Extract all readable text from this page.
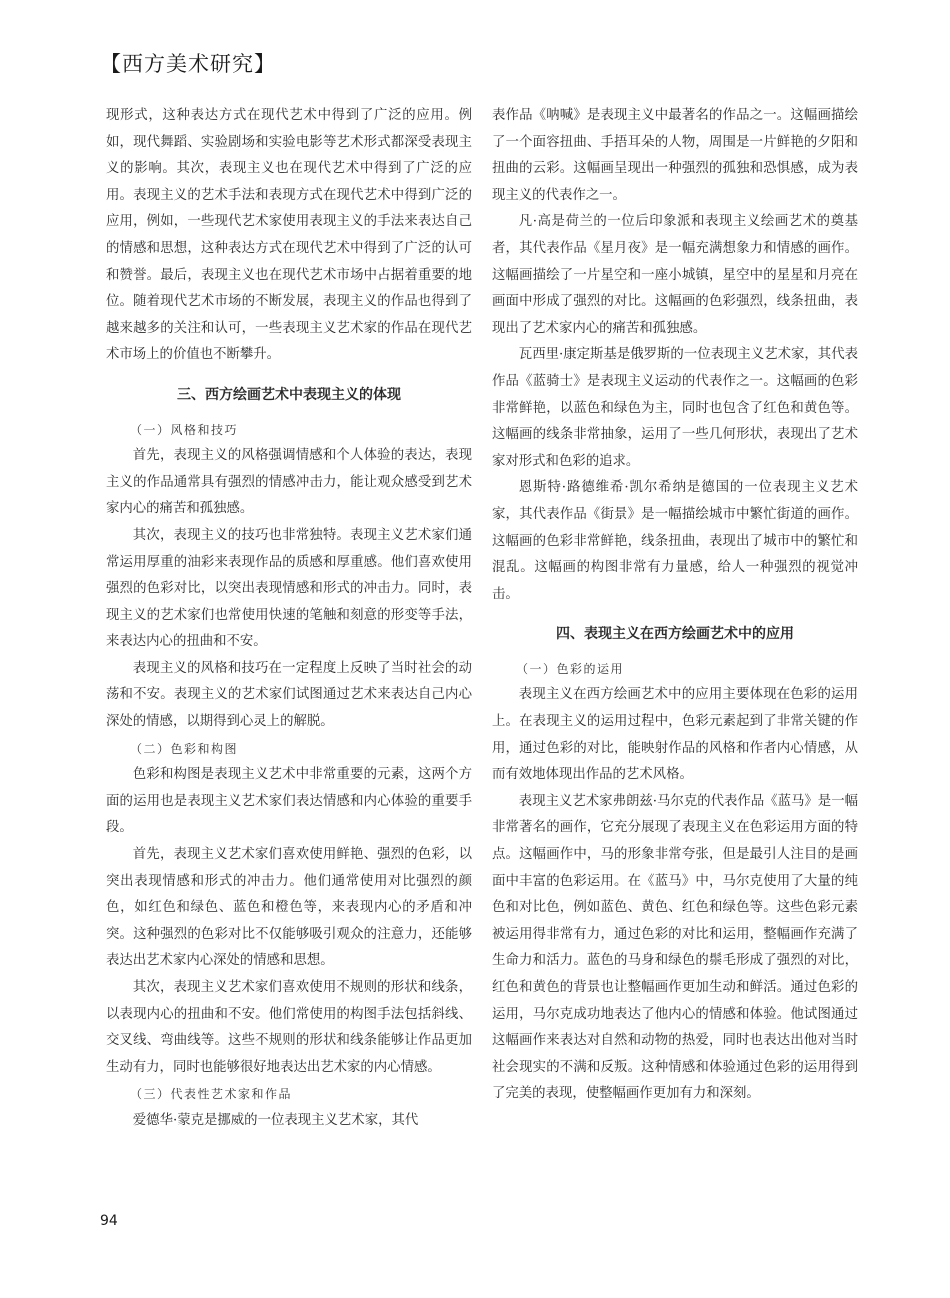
【西方美术研究】

现形式，这种表达方式在现代艺术中得到了广泛的应用。例如，现代舞蹈、实验剧场和实验电影等艺术形式都深受表现主义的影响。其次，表现主义也在现代艺术中得到了广泛的应用。表现主义的艺术手法和表现方式在现代艺术中得到广泛的应用，例如，一些现代艺术家使用表现主义的手法来表达自己的情感和思想，这种表达方式在现代艺术中得到了广泛的认可和赞誉。最后，表现主义也在现代艺术市场中占据着重要的地位。随着现代艺术市场的不断发展，表现主义的作品也得到了越来越多的关注和认可，一些表现主义艺术家的作品在现代艺术市场上的价值也不断攀升。

三、西方绘画艺术中表现主义的体现

（一）风格和技巧

首先，表现主义的风格强调情感和个人体验的表达，表现主义的作品通常具有强烈的情感冲击力，能让观众感受到艺术家内心的痛苦和孤独感。

其次，表现主义的技巧也非常独特。表现主义艺术家们通常运用厚重的油彩来表现作品的质感和厚重感。他们喜欢使用强烈的色彩对比，以突出表现情感和形式的冲击力。同时，表现主义的艺术家们也常使用快速的笔触和刻意的形变等手法，来表达内心的扭曲和不安。

表现主义的风格和技巧在一定程度上反映了当时社会的动荡和不安。表现主义的艺术家们试图通过艺术来表达自己内心深处的情感，以期得到心灵上的解脱。

（二）色彩和构图

色彩和构图是表现主义艺术中非常重要的元素，这两个方面的运用也是表现主义艺术家们表达情感和内心体验的重要手段。

首先，表现主义艺术家们喜欢使用鲜艳、强烈的色彩，以突出表现情感和形式的冲击力。他们通常使用对比强烈的颜色，如红色和绿色、蓝色和橙色等，来表现内心的矛盾和冲突。这种强烈的色彩对比不仅能够吸引观众的注意力，还能够表达出艺术家内心深处的情感和思想。

其次，表现主义艺术家们喜欢使用不规则的形状和线条，以表现内心的扭曲和不安。他们常使用的构图手法包括斜线、交叉线、弯曲线等。这些不规则的形状和线条能够让作品更加生动有力，同时也能够很好地表达出艺术家的内心情感。

（三）代表性艺术家和作品

爱德华·蒙克是挪威的一位表现主义艺术家，其代

表作品《呐喊》是表现主义中最著名的作品之一。这幅画描绘了一个面容扭曲、手捂耳朵的人物，周围是一片鲜艳的夕阳和扭曲的云彩。这幅画呈现出一种强烈的孤独和恐惧感，成为表现主义的代表作之一。

凡·高是荷兰的一位后印象派和表现主义绘画艺术的奠基者，其代表作品《星月夜》是一幅充满想象力和情感的画作。这幅画描绘了一片星空和一座小城镇，星空中的星星和月亮在画面中形成了强烈的对比。这幅画的色彩强烈，线条扭曲，表现出了艺术家内心的痛苦和孤独感。

瓦西里·康定斯基是俄罗斯的一位表现主义艺术家，其代表作品《蓝骑士》是表现主义运动的代表作之一。这幅画的色彩非常鲜艳，以蓝色和绿色为主，同时也包含了红色和黄色等。这幅画的线条非常抽象，运用了一些几何形状，表现出了艺术家对形式和色彩的追求。

恩斯特·路德维希·凯尔希纳是德国的一位表现主义艺术家，其代表作品《街景》是一幅描绘城市中繁忙街道的画作。这幅画的色彩非常鲜艳，线条扭曲，表现出了城市中的繁忙和混乱。这幅画的构图非常有力量感，给人一种强烈的视觉冲击。

四、表现主义在西方绘画艺术中的应用

（一）色彩的运用

表现主义在西方绘画艺术中的应用主要体现在色彩的运用上。在表现主义的运用过程中，色彩元素起到了非常关键的作用，通过色彩的对比，能映射作品的风格和作者内心情感，从而有效地体现出作品的艺术风格。

表现主义艺术家弗朗兹·马尔克的代表作品《蓝马》是一幅非常著名的画作，它充分展现了表现主义在色彩运用方面的特点。这幅画作中，马的形象非常夸张，但是最引人注目的是画面中丰富的色彩运用。在《蓝马》中，马尔克使用了大量的纯色和对比色，例如蓝色、黄色、红色和绿色等。这些色彩元素被运用得非常有力，通过色彩的对比和运用，整幅画作充满了生命力和活力。蓝色的马身和绿色的鬃毛形成了强烈的对比，红色和黄色的背景也让整幅画作更加生动和鲜活。通过色彩的运用，马尔克成功地表达了他内心的情感和体验。他试图通过这幅画作来表达对自然和动物的热爱，同时也表达出他对当时社会现实的不满和反叛。这种情感和体验通过色彩的运用得到了完美的表现，使整幅画作更加有力和深刻。

94
